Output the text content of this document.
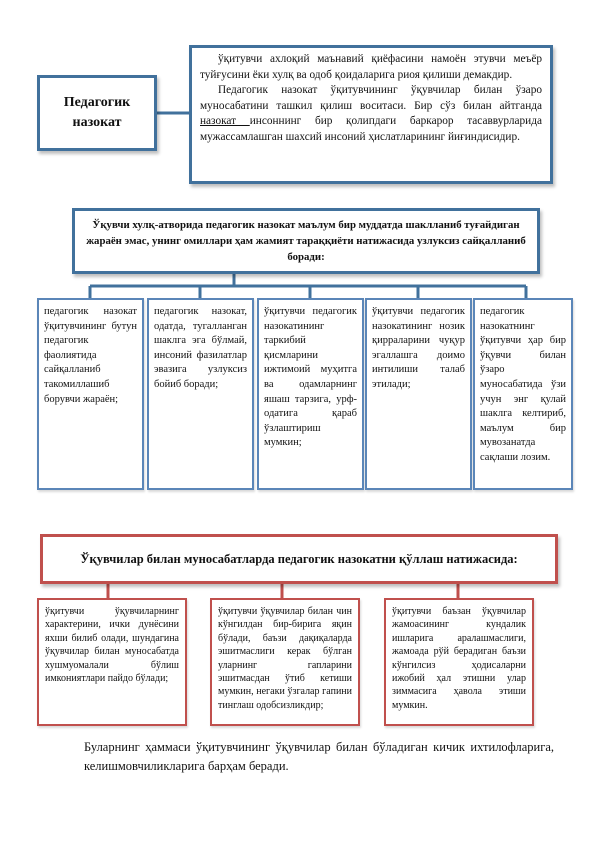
Педагогик назокат

ўқитувчи ахлоқий маънавий қиёфасини намоён этувчи меъёр туйғусини ёки хулқ ва одоб қоидаларига риоя қилиши демакдир.

Педагогик назокат ўқитувчининг ўқувчилар билан ўзаро муносабатини ташкил қилиш воситаси. Бир сўз билан айтганда назокат инсоннинг бир қолипдаги баркарор тасаввурларида мужассамлашган шахсий инсоний ҳислатларининг йиғиндисидир.

Ўқувчи хулқ-атворида педагогик назокат маълум бир муддатда шаклланиб туғайдиган жараён эмас, унинг омиллари ҳам жамият тараққиёти натижасида узлуксиз сайқалланиб боради:
педагогик назокат ўқитувчининг бутун педагогик фаолиятида сайқалланиб такомиллашиб борувчи жараён;
педагогик назокат, одатда, тугалланган шаклга эга бўлмай, инсоний фазилатлар эвазига узлуксиз бойиб боради;
ўқитувчи педагогик назокатининг таркибий қисмларини ижтимоий муҳитга ва одамларнинг яшаш тарзига, урф-одатига қараб ўзлаштириш мумкин;
ўқитувчи педагогик назокатининг нозик қирраларини чуқур эгаллашга доимо интилиши талаб этилади;
педагогик назокатнинг ўқитувчи ҳар бир ўқувчи билан ўзаро муносабатида ўзи учун энг қулай шаклга келтириб, маълум бир мувозанатда сақлаши лозим.
Ўқувчилар билан муносабатларда педагогик назокатни қўллаш натижасида:
ўқитувчи ўқувчиларнинг характерини, ички дунёсини яхши билиб олади, шундагина ўқувчилар билан муносабатда хушмуомалали бўлиш имкониятлари пайдо бўлади;
ўқитувчи ўқувчилар билан чин кўнгилдан бир-бирига яқин бўлади, баъзи дақиқаларда эшитмаслиги керак бўлган уларнинг гапларини эшитмасдан ўтиб кетиши мумкин, негаки ўзгалар гапини тинглаш одобсизликдир;
ўқитувчи баъзан ўқувчилар жамоасининг кундалик ишларига аралашмаслиги, жамоада рўй берадиган баъзи кўнгилсиз ҳодисаларни ижобий ҳал этишни улар зиммасига ҳавола этиши мумкин.
Буларнинг ҳаммаси ўқитувчининг ўқувчилар билан бўладиган кичик ихтилофларига, келишмовчиликларига барҳам беради.
